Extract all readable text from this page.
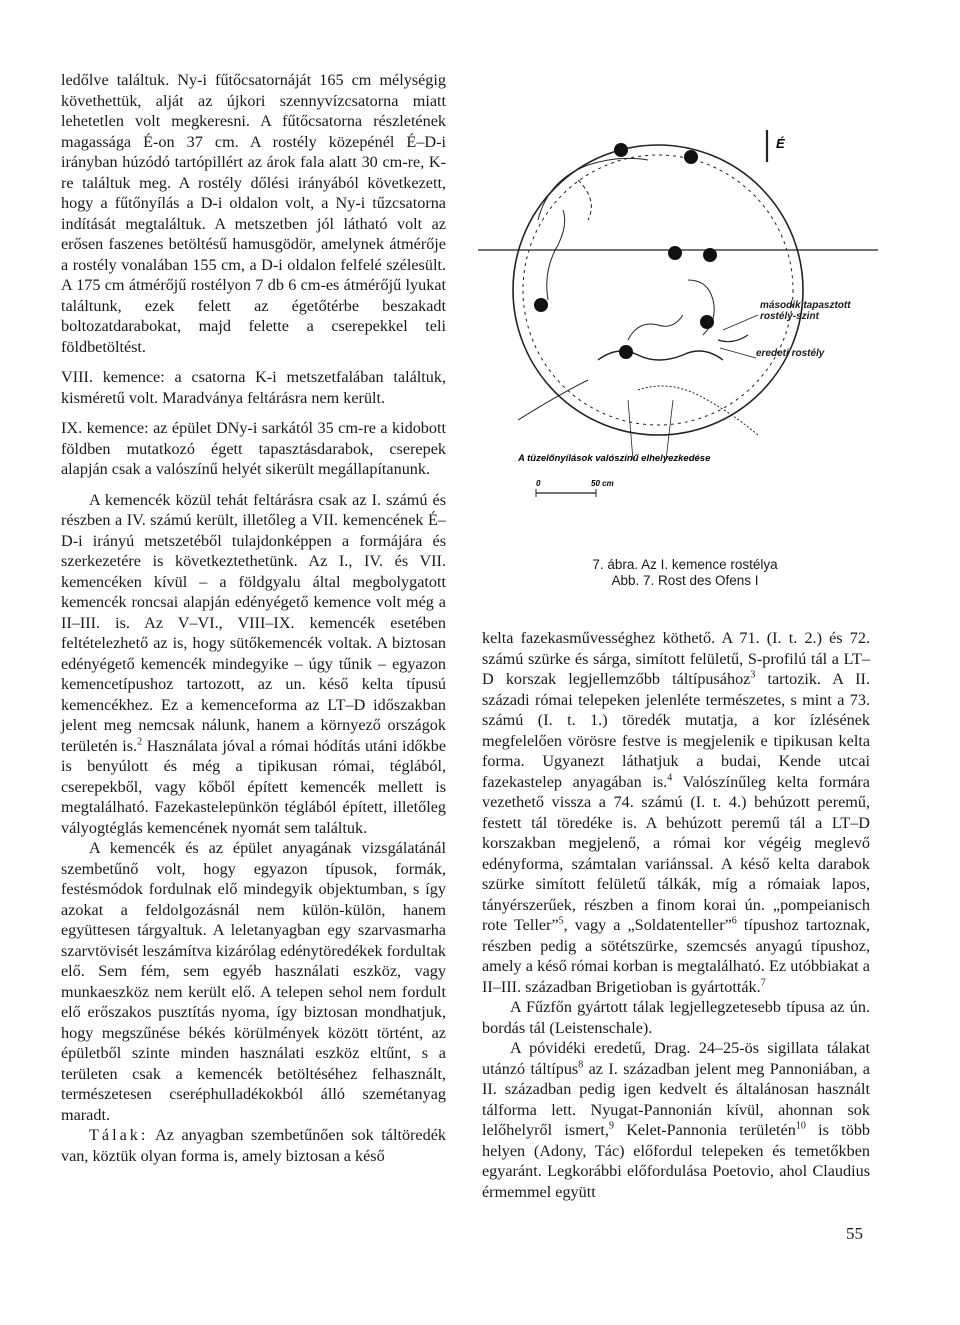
ledőlve találtuk. Ny-i fűtőcsatornáját 165 cm mélységig követhettük, alját az újkori szennyvízcsatorna miatt lehetetlen volt megkeresni. A fűtőcsatorna részletének magassága É-on 37 cm. A rostély közepénél É–D-i irányban húzódó tartópillért az árok fala alatt 30 cm-re, K-re találtuk meg. A rostély dőlési irányából következett, hogy a fűtőnyílás a D-i oldalon volt, a Ny-i tűzcsatorna indítását megtaláltuk. A metszetben jól látható volt az erősen faszenes betöltésű hamusgödör, amelynek átmérője a rostély vonalában 155 cm, a D-i oldalon felfelé szélesült. A 175 cm átmérőjű rostélyon 7 db 6 cm-es átmérőjű lyukat találtunk, ezek felett az égetőtérbe beszakadt boltozatdarabokat, majd felette a cserepekkel teli földbetöltést.

VIII. kemence: a csatorna K-i metszetfalában találtuk, kisméretű volt. Maradványa feltárásra nem került.

IX. kemence: az épület DNy-i sarkától 35 cm-re a kidobott földben mutatkozó égett tapasztásdarabok, cserepek alapján csak a valószínű helyét sikerült megállapítanunk.

A kemencék közül tehát feltárásra csak az I. számú és részben a IV. számú került, illetőleg a VII. kemencének É–D-i irányú metszetéből tulajdonképpen a formájára és szerkezetére is következtethetünk. Az I., IV. és VII. kemencéken kívül – a földgyalu által megbolygatott kemencék roncsai alapján edényégető kemence volt még a II–III. is. Az V–VI., VIII–IX. kemencék esetében feltételezhető az is, hogy sütőkemencék voltak. A biztosan edényégető kemencék mindegyike – úgy tűnik – egyazon kemencetípushoz tartozott, az un. késő kelta típusú kemencékhez. Ez a kemenceforma az LT–D időszakban jelent meg nemcsak nálunk, hanem a környező országok területén is.$^2$ Használata jóval a római hódítás utáni időkbe is benyúlott és még a tipikusan római, téglából, cserepekből, vagy kőből épített kemencék mellett is megtalálható. Fazekastelepünkön téglából épített, illetőleg vályogtéglás kemencének nyomát sem találtuk.

A kemencék és az épület anyagának vizsgálatánál szembetűnő volt, hogy egyazon típusok, formák, festésmódok fordulnak elő mindegyik objektumban, s így azokat a feldolgozásnál nem külön-külön, hanem együttesen tárgyaltuk. A leletanyagban egy szarvasmarha szarvtövisét leszámítva kizárólag edénytöredékek fordultak elő. Sem fém, sem egyéb használati eszköz, vagy munkaeszköz nem került elő. A telepen sehol nem fordult elő erőszakos pusztítás nyoma, így biztosan mondhatjuk, hogy megszűnése békés körülmények között történt, az épületből szinte minden használati eszköz eltűnt, s a területen csak a kemencék betöltéséhez felhasznált, természetesen cseréphulladékokból álló szemétanyag maradt.

Tálak: Az anyagban szembetűnően sok táltöredék van, köztük olyan forma is, amely biztosan a késő

É
második tapasztott rostély-szint
eredeti rostély
A tüzelőnyílások valószínű elhelyezkedése
0	50 cm
7. ábra. Az I. kemence rostélya
Abb. 7. Rost des Ofens I

kelta fazekasművességhez köthető. A 71. (I. t. 2.) és 72. számú szürke és sárga, simított felületű, S-profilú tál a LT–D korszak legjellemzőbb táltípusához$^3$ tartozik. A II. századi római telepeken jelenléte természetes, s mint a 73. számú (I. t. 1.) töredék mutatja, a kor ízlésének megfelelően vörösre festve is megjelenik e tipikusan kelta forma. Ugyanezt láthatjuk a budai, Kende utcai fazekastelep anyagában is.$^4$ Valószínűleg kelta formára vezethető vissza a 74. számú (I. t. 4.) behúzott peremű, festett tál töredéke is. A behúzott peremű tál a LT–D korszakban megjelenő, a római kor végéig meglevő edényforma, számtalan variánssal. A késő kelta darabok szürke simított felületű tálkák, míg a rómaiak lapos, tányérszerűek, részben a finom korai ún. „pompeianisch rote Teller”$^5$, vagy a „Soldatenteller”$^6$ típushoz tartoznak, részben pedig a sötétszürke, szemcsés anyagú típushoz, amely a késő római korban is megtalálható. Ez utóbbiakat a II–III. században Brigetioban is gyártották.$^7$

A Fűzfőn gyártott tálak legjellegzetesebb típusa az ún. bordás tál (Leistenschale).

A póvidéki eredetű, Drag. 24–25-ös sigillata tálakat utánzó táltípus$^8$ az I. században jelent meg Pannoniában, a II. században pedig igen kedvelt és általánosan használt tálforma lett. Nyugat-Pannonián kívül, ahonnan sok lelőhelyről ismert,$^9$ Kelet-Pannonia területén$^{10}$ is több helyen (Adony, Tác) előfordul telepeken és temetőkben egyaránt. Legkorábbi előfordulása Poetovio, ahol Claudius érmemmel együtt

55
